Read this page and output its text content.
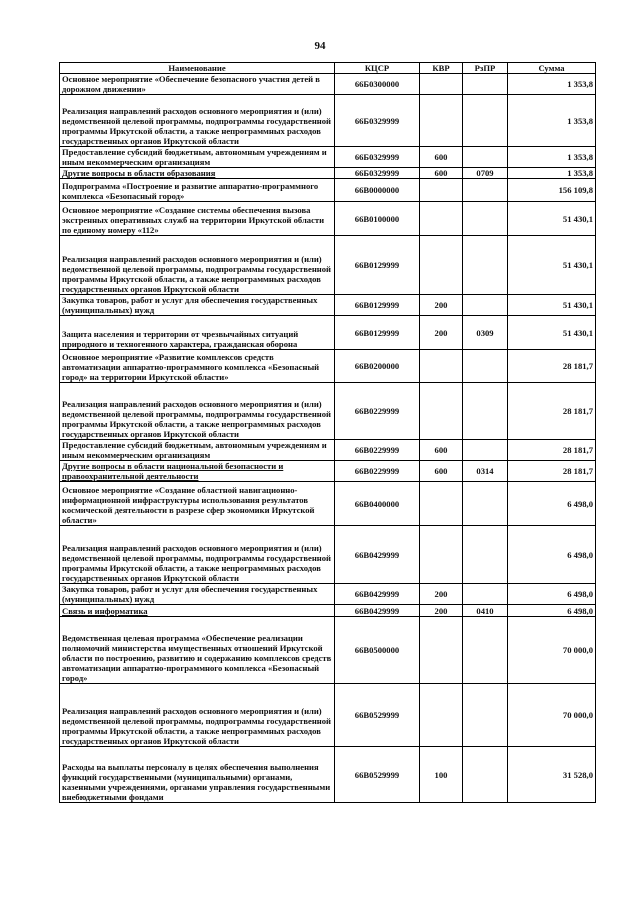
94
Наименование	КЦСР	КВР	РзПР	Сумма
Основное мероприятие «Обеспечение безопасного участия детей в дорожном движении»	66Б0300000			1 353,8
Реализация направлений расходов основного мероприятия и (или) ведомственной целевой программы, подпрограммы государственной программы Иркутской области, а также непрограммных расходов государственных органов Иркутской области	66Б0329999			1 353,8
Предоставление субсидий бюджетным, автономным учреждениям и иным некоммерческим организациям	66Б0329999	600		1 353,8
Другие вопросы в области образования	66Б0329999	600	0709	1 353,8
Подпрограмма «Построение и развитие аппаратно-программного комплекса «Безопасный город»	66В0000000			156 109,8
Основное мероприятие «Создание системы обеспечения вызова экстренных оперативных служб на территории Иркутской области по единому номеру «112»	66В0100000			51 430,1
Реализация направлений расходов основного мероприятия и (или) ведомственной целевой программы, подпрограммы государственной программы Иркутской области, а также непрограммных расходов государственных органов Иркутской области	66В0129999			51 430,1
Закупка товаров, работ и услуг для обеспечения государственных (муниципальных) нужд	66В0129999	200		51 430,1
Защита населения и территории от чрезвычайных ситуаций природного и техногенного характера, гражданская оборона	66В0129999	200	0309	51 430,1
Основное мероприятие «Развитие комплексов средств автоматизации аппаратно-программного комплекса «Безопасный город» на территории Иркутской области»	66В0200000			28 181,7
Реализация направлений расходов основного мероприятия и (или) ведомственной целевой программы, подпрограммы государственной программы Иркутской области, а также непрограммных расходов государственных органов Иркутской области	66В0229999			28 181,7
Предоставление субсидий бюджетным, автономным учреждениям и иным некоммерческим организациям	66В0229999	600		28 181,7
Другие вопросы в области национальной безопасности и правоохранительной деятельности	66В0229999	600	0314	28 181,7
Основное мероприятие «Создание областной навигационно-информационной инфраструктуры использования результатов космической деятельности в разрезе сфер экономики Иркутской области»	66В0400000			6 498,0
Реализация направлений расходов основного мероприятия и (или) ведомственной целевой программы, подпрограммы государственной программы Иркутской области, а также непрограммных расходов государственных органов Иркутской области	66В0429999			6 498,0
Закупка товаров, работ и услуг для обеспечения государственных (муниципальных) нужд	66В0429999	200		6 498,0
Связь и информатика	66В0429999	200	0410	6 498,0
Ведомственная целевая программа «Обеспечение реализации полномочий министерства имущественных отношений Иркутской области по построению, развитию и содержанию комплексов средств автоматизации аппаратно-программного комплекса «Безопасный город»	66В0500000			70 000,0
Реализация направлений расходов основного мероприятия и (или) ведомственной целевой программы, подпрограммы государственной программы Иркутской области, а также непрограммных расходов государственных органов Иркутской области	66В0529999			70 000,0
Расходы на выплаты персоналу в целях обеспечения выполнения функций государственными (муниципальными) органами, казенными учреждениями, органами управления государственными внебюджетными фондами	66В0529999	100		31 528,0
